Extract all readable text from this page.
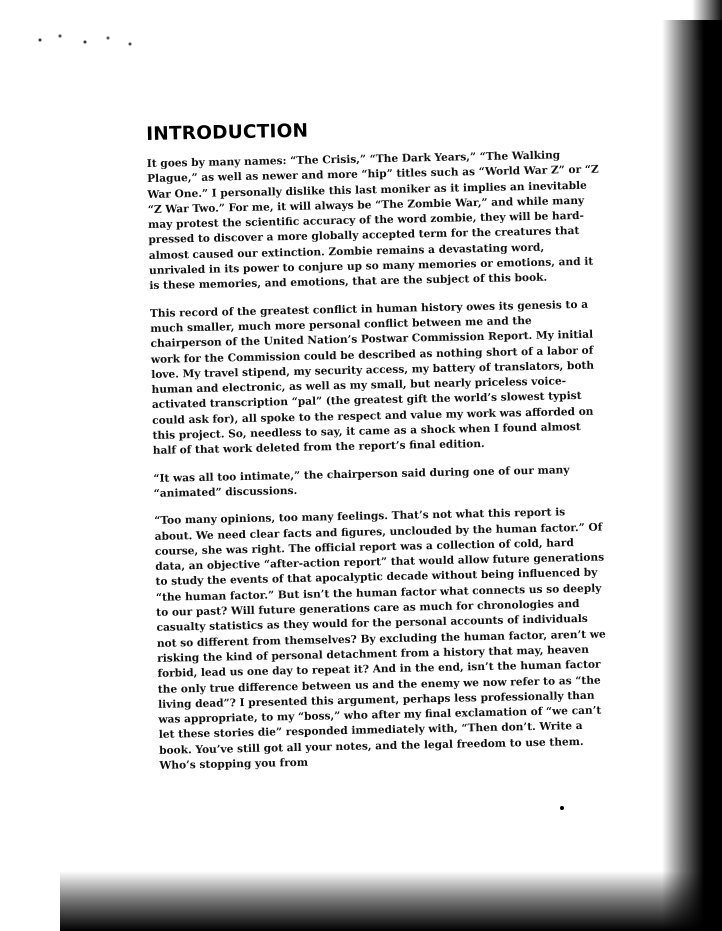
INTRODUCTION

It goes by many names: “The Crisis,” “The Dark Years,” “The Walking Plague,” as well as newer and more “hip” titles such as “World War Z” or “Z War One.” I personally dislike this last moniker as it implies an inevitable “Z War Two.” For me, it will always be “The Zombie War,” and while many may protest the scientific accuracy of the word zombie, they will be hard-pressed to discover a more globally accepted term for the creatures that almost caused our extinction. Zombie remains a devastating word, unrivaled in its power to conjure up so many memories or emotions, and it is these memories, and emotions, that are the subject of this book.

This record of the greatest conflict in human history owes its genesis to a much smaller, much more personal conflict between me and the chairperson of the United Nation’s Postwar Commission Report. My initial work for the Commission could be described as nothing short of a labor of love. My travel stipend, my security access, my battery of translators, both human and electronic, as well as my small, but nearly priceless voice-activated transcription “pal” (the greatest gift the world’s slowest typist could ask for), all spoke to the respect and value my work was afforded on this project. So, needless to say, it came as a shock when I found almost half of that work deleted from the report’s final edition.

“It was all too intimate,” the chairperson said during one of our many “animated” discussions.

“Too many opinions, too many feelings. That’s not what this report is about. We need clear facts and figures, unclouded by the human factor.” Of course, she was right. The official report was a collection of cold, hard data, an objective “after-action report” that would allow future generations to study the events of that apocalyptic decade without being influenced by “the human factor.” But isn’t the human factor what connects us so deeply to our past? Will future generations care as much for chronologies and casualty statistics as they would for the personal accounts of individuals not so different from themselves? By excluding the human factor, aren’t we risking the kind of personal detachment from a history that may, heaven forbid, lead us one day to repeat it? And in the end, isn’t the human factor the only true difference between us and the enemy we now refer to as “the living dead”? I presented this argument, perhaps less professionally than was appropriate, to my “boss,” who after my final exclamation of “we can’t let these stories die” responded immediately with, “Then don’t. Write a book. You’ve still got all your notes, and the legal freedom to use them. Who’s stopping you from
